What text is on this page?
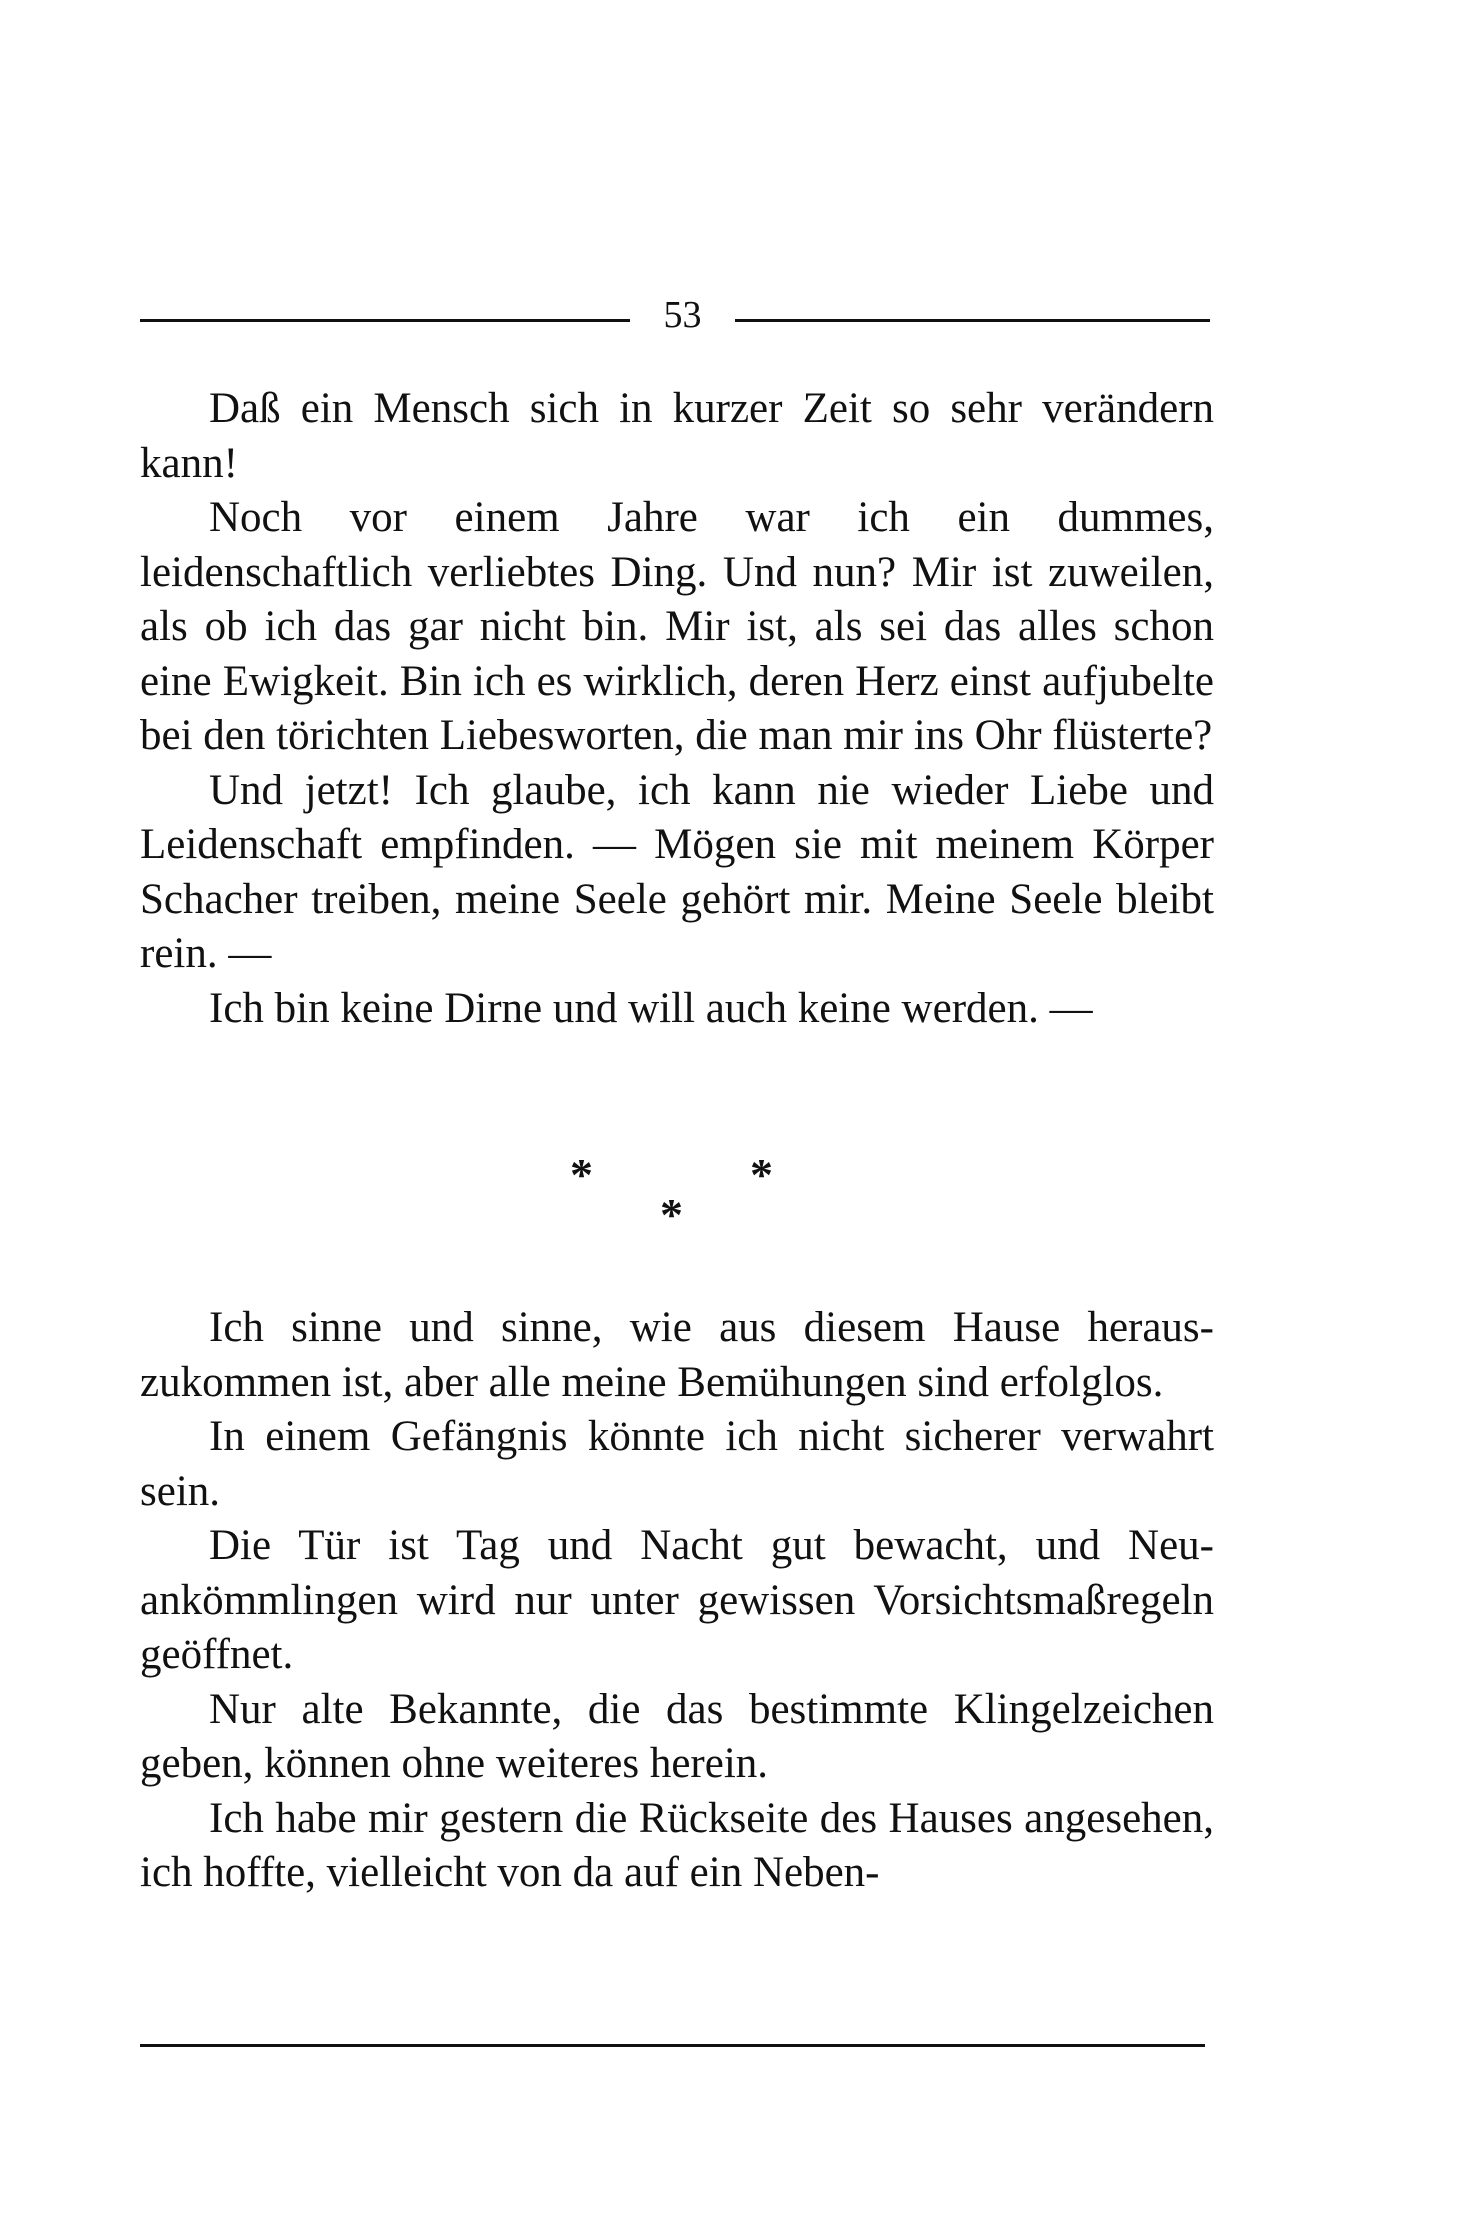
53

Daß ein Mensch sich in kurzer Zeit so sehr verändern kann!

Noch vor einem Jahre war ich ein dummes, leidenschaftlich verliebtes Ding. Und nun? Mir ist zuweilen, als ob ich das gar nicht bin. Mir ist, als sei das alles schon eine Ewigkeit. Bin ich es wirklich, deren Herz einst aufjubelte bei den törichten Liebesworten, die man mir ins Ohr flüsterte?

Und jetzt! Ich glaube, ich kann nie wieder Liebe und Leidenschaft empfinden. — Mögen sie mit meinem Körper Schacher treiben, meine Seele gehört mir. Meine Seele bleibt rein. —

Ich bin keine Dirne und will auch keine werden. —

*	*
*

Ich sinne und sinne, wie aus diesem Hause herauszukommen ist, aber alle meine Bemühungen sind erfolglos.

In einem Gefängnis könnte ich nicht sicherer verwahrt sein.

Die Tür ist Tag und Nacht gut bewacht, und Neuankömmlingen wird nur unter gewissen Vorsichtsmaßregeln geöffnet.

Nur alte Bekannte, die das bestimmte Klingelzeichen geben, können ohne weiteres herein.

Ich habe mir gestern die Rückseite des Hauses angesehen, ich hoffte, vielleicht von da auf ein Neben-
